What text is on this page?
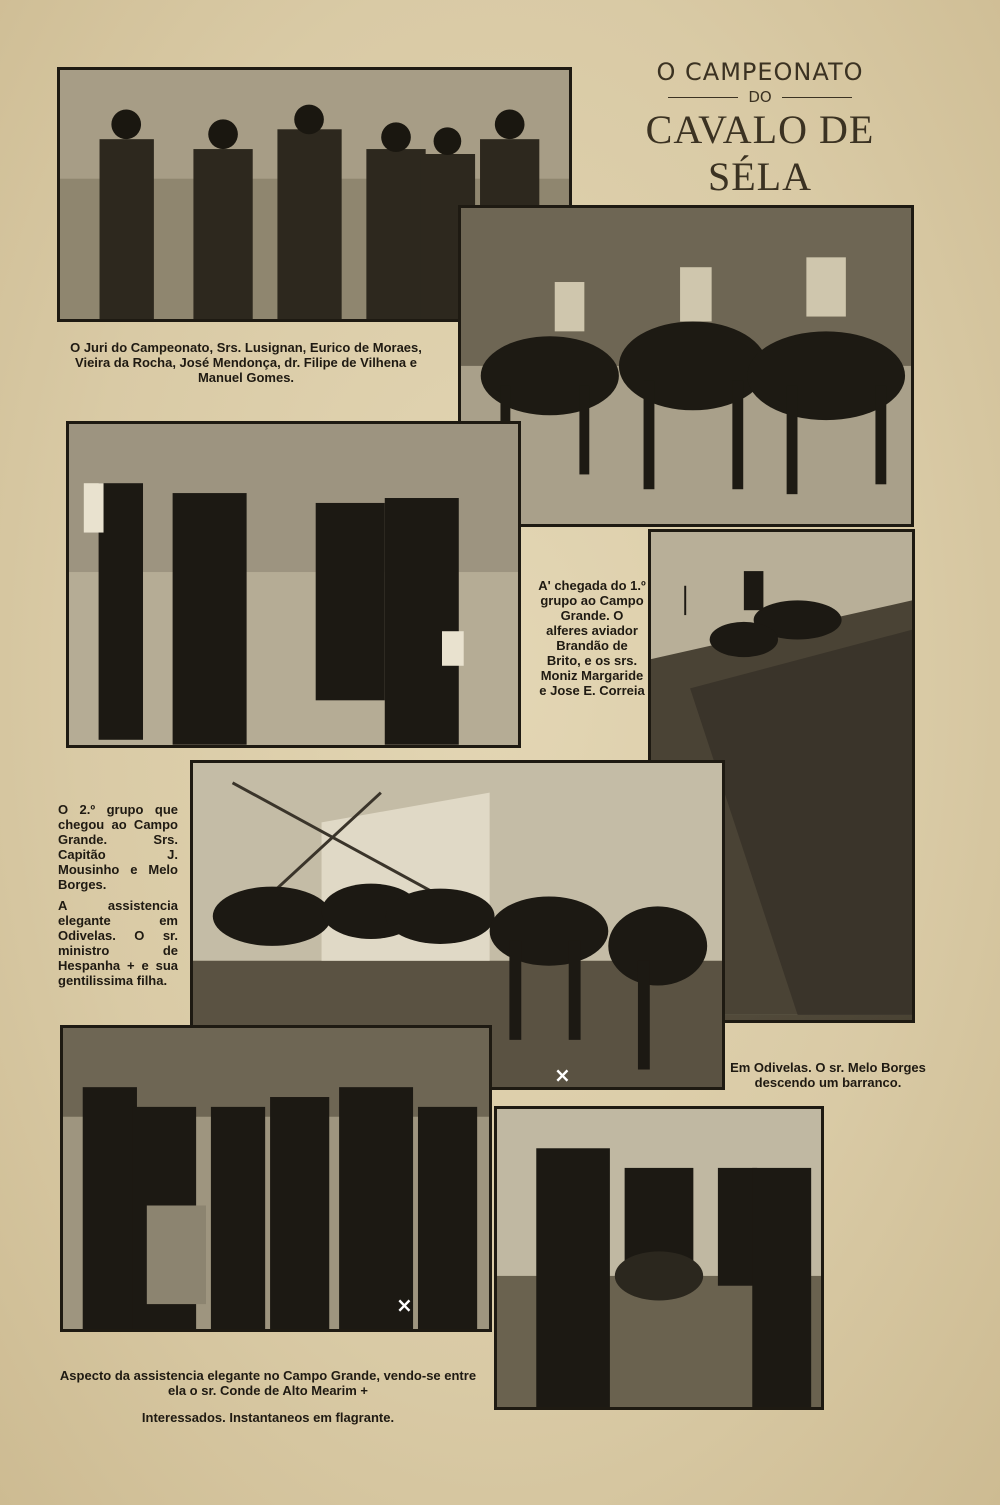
O CAMPEONATO
DO
CAVALO DE SÉLA
O Juri do Campeonato, Srs. Lusignan, Eurico de Moraes, Vieira da Rocha, José Mendonça, dr. Filipe de Vilhena e Manuel Gomes.
A' chegada do 1.º grupo ao Campo Grande. O alferes aviador Brandão de Brito, e os srs. Moniz Margaride e Jose E. Correia
Em Odivelas. O sr. Melo Borges descendo um barranco.
×

O 2.º grupo que chegou ao Campo Grande. Srs. Capitão J. Mousinho e Melo Borges.

A assistencia elegante em Odivelas. O sr. ministro de Hespanha + e sua gentilissima filha.

×
Aspecto da assistencia elegante no Campo Grande, vendo-se entre ela o sr. Conde de Alto Mearim +
Interessados. Instantaneos em flagrante.
